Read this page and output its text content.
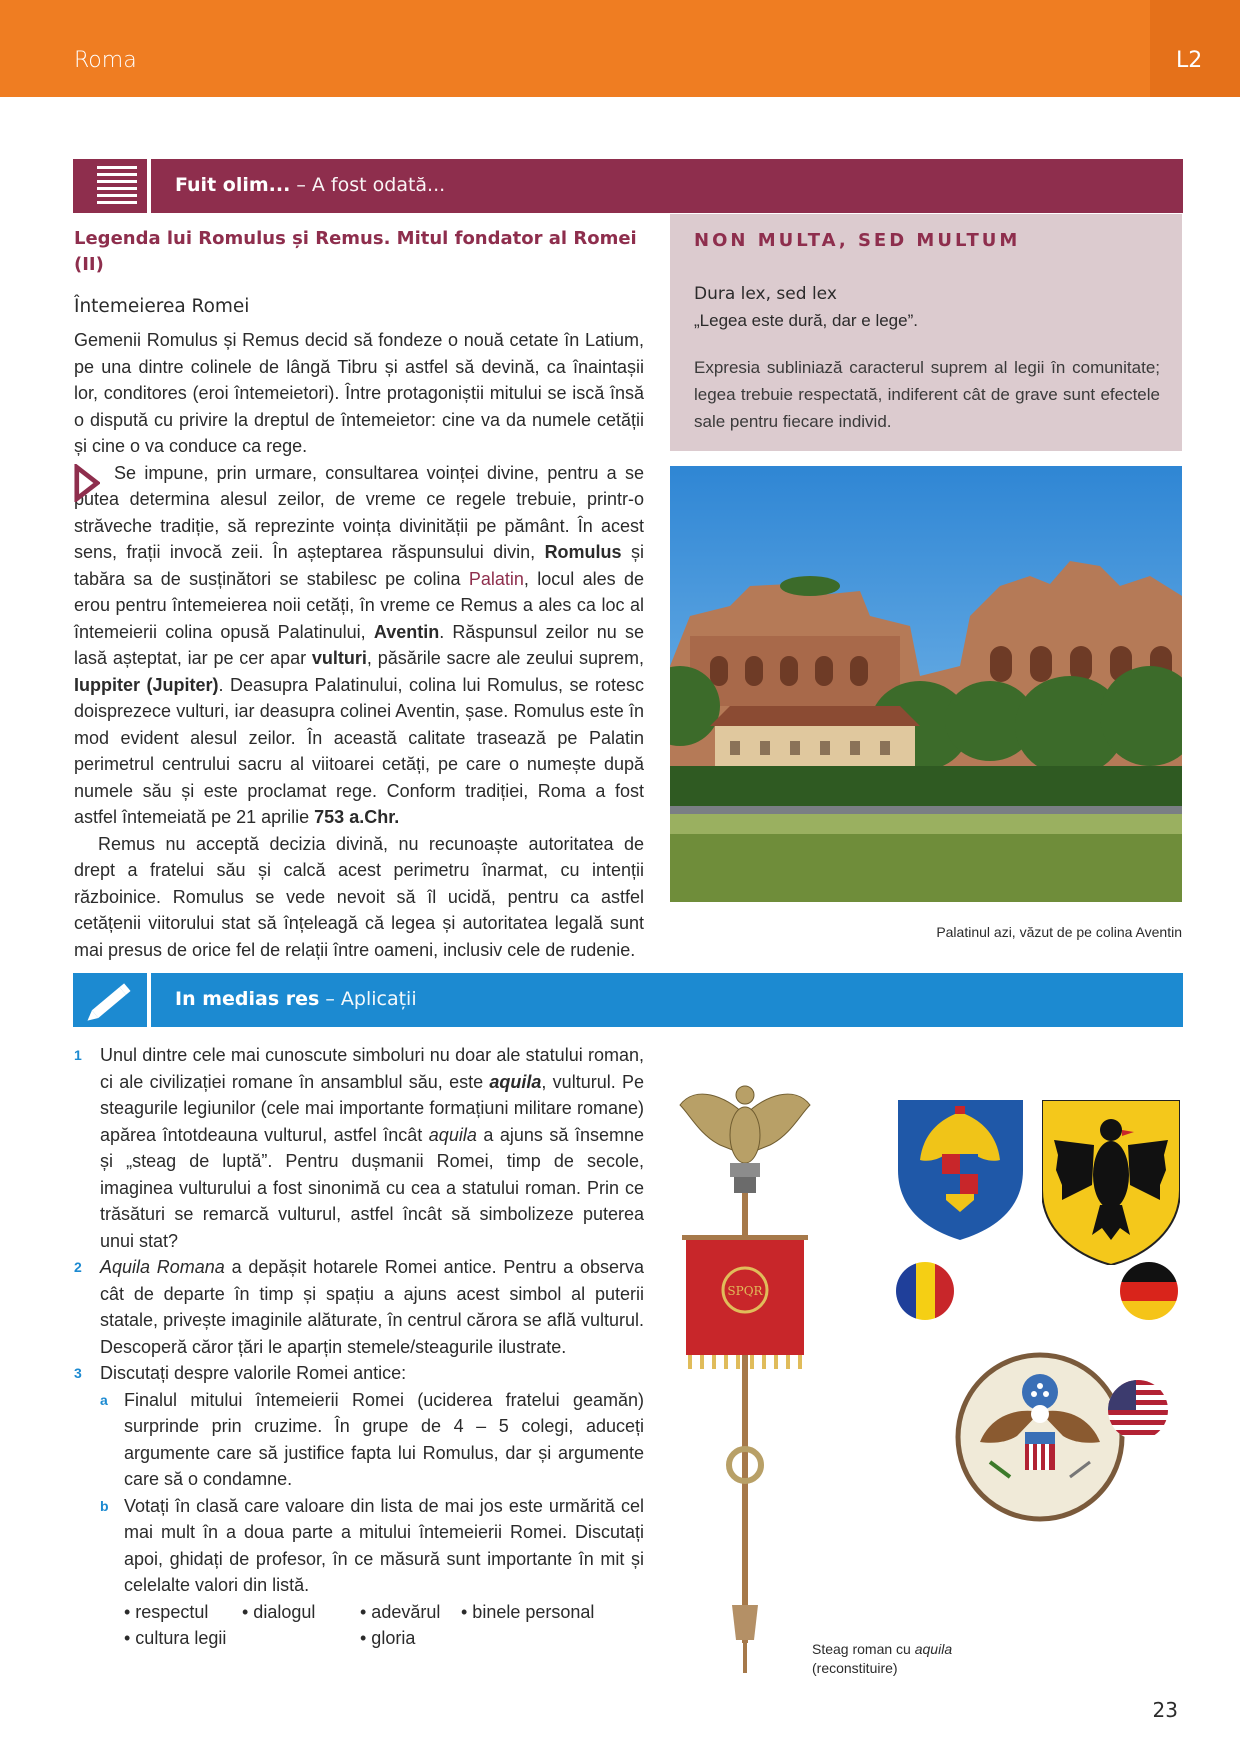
Roma	L2
Fuit olim... – A fost odată...
Legenda lui Romulus și Remus. Mitul fondator al Romei (II)
Întemeierea Romei
Gemenii Romulus și Remus decid să fondeze o nouă cetate în Latium, pe una dintre colinele de lângă Tibru și astfel să devină, ca înaintașii lor, conditores (eroi întemeietori). Între protagoniștii mitului se iscă însă o dispută cu privire la dreptul de întemeietor: cine va da numele cetății și cine o va conduce ca rege.
Se impune, prin urmare, consultarea voinței divine, pentru a se putea determina alesul zeilor, de vreme ce regele trebuie, printr-o străveche tradiție, să reprezinte voința divinității pe pământ. În acest sens, frații invocă zeii. În așteptarea răspunsului divin, Romulus și tabăra sa de susținători se stabilesc pe colina Palatin, locul ales de erou pentru întemeierea noii cetăți, în vreme ce Remus a ales ca loc al întemeierii colina opusă Palatinului, Aventin. Răspunsul zeilor nu se lasă așteptat, iar pe cer apar vulturi, păsările sacre ale zeului suprem, Iuppiter (Jupiter). Deasupra Palatinului, colina lui Romulus, se rotesc doisprezece vulturi, iar deasupra colinei Aventin, șase. Romulus este în mod evident alesul zeilor. În această calitate trasează pe Palatin perimetrul centrului sacru al viitoarei cetăți, pe care o numește după numele său și este proclamat rege. Conform tradiției, Roma a fost astfel întemeiată pe 21 aprilie 753 a.Chr.
Remus nu acceptă decizia divină, nu recunoaște autoritatea de drept a fratelui său și calcă acest perimetru înarmat, cu intenții războinice. Romulus se vede nevoit să îl ucidă, pentru ca astfel cetățenii viitorului stat să înțeleagă că legea și autoritatea legală sunt mai presus de orice fel de relații între oameni, inclusiv cele de rudenie.
NON MULTA, SED MULTUM
Dura lex, sed lex
„Legea este dură, dar e lege”.
Expresia subliniază caracterul suprem al legii în comunitate; legea trebuie respectată, indiferent cât de grave sunt efectele sale pentru fiecare individ.
Palatinul azi, văzut de pe colina Aventin
In medias res – Aplicații
1 Unul dintre cele mai cunoscute simboluri nu doar ale statului roman, ci ale civilizației romane în ansamblul său, este aquila, vulturul. Pe steagurile legiunilor (cele mai importante formațiuni militare romane) apărea întotdeauna vulturul, astfel încât aquila a ajuns să însemne și „steag de luptă”. Pentru dușmanii Romei, timp de secole, imaginea vulturului a fost sinonimă cu cea a statului roman. Prin ce trăsături se remarcă vulturul, astfel încât să simbolizeze puterea unui stat?
2 Aquila Romana a depășit hotarele Romei antice. Pentru a observa cât de departe în timp și spațiu a ajuns acest simbol al puterii statale, privește imaginile alăturate, în centrul cărora se află vulturul. Descoperă căror țări le aparțin stemele/steagurile ilustrate.
3 Discutați despre valorile Romei antice:
a Finalul mitului întemeierii Romei (uciderea fratelui geamăn) surprinde prin cruzime. În grupe de 4 – 5 colegi, aduceți argumente care să justifice fapta lui Romulus, dar și argumente care să o condamne.
b Votați în clasă care valoare din lista de mai jos este urmărită cel mai mult în a doua parte a mitului întemeierii Romei. Discutați apoi, ghidați de profesor, în ce măsură sunt importante în mit și celelalte valori din listă.
• respectul • dialogul • adevărul • binele personal
• cultura legii	• gloria
SPQR
Steag roman cu aquila
(reconstituire)
23
